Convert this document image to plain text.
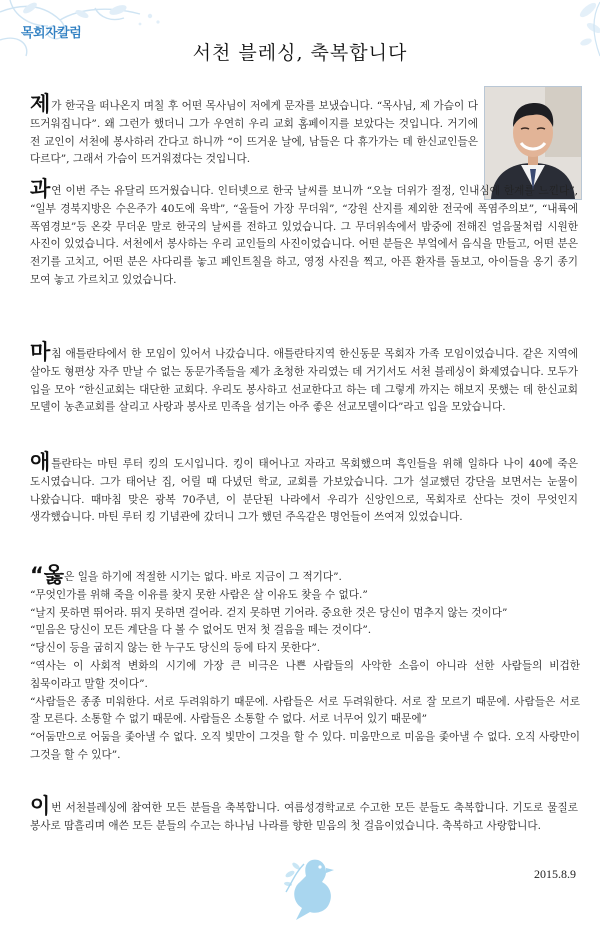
목회자칼럼
서천 블레싱, 축복합니다

제가 한국을 떠나온지 며칠 후 어떤 목사님이 저에게 문자를 보냈습니다. “목사님, 제 가슴이 다 뜨거워집니다”. 왜 그런가 했더니 그가 우연히 우리 교회 홈페이지를 보았다는 것입니다. 거기에 전 교인이 서천에 봉사하러 간다고 하니까 “이 뜨거운 날에, 남들은 다 휴가가는 데 한신교인들은 다르다”, 그래서 가슴이 뜨거워졌다는 것입니다.

과연 이번 주는 유달리 뜨거웠습니다. 인터넷으로 한국 날씨를 보니까 “오늘 더위가 절정, 인내심에 한계를 느낀다”, “일부 경북지방은 수은주가 40도에 육박”, “올들어 가장 무더워”, “강원 산지를 제외한 전국에 폭염주의보”, “내륙에 폭염경보”등 온갖 무더운 말로 한국의 날씨를 전하고 있었습니다. 그 무더위속에서 밤중에 전해진 얼음물처럼 시원한 사진이 있었습니다. 서천에서 봉사하는 우리 교인들의 사진이었습니다. 어떤 분들은 부엌에서 음식을 만들고, 어떤 분은 전기를 고치고, 어떤 분은 사다리를 놓고 페인트칠을 하고, 영정 사진을 찍고, 아픈 환자를 돌보고, 아이들을 옹기 종기 모여 놓고 가르치고 있었습니다.

마침 애틀란타에서 한 모임이 있어서 나갔습니다. 애틀란타지역 한신동문 목회자 가족 모임이었습니다. 같은 지역에 살아도 형편상 자주 만날 수 없는 동문가족들을 제가 초청한 자리였는 데 거기서도 서천 블레싱이 화제였습니다. 모두가 입을 모아 “한신교회는 대단한 교회다. 우리도 봉사하고 선교한다고 하는 데 그렇게 까지는 해보지 못했는 데 한신교회 모델이 농촌교회를 살리고 사랑과 봉사로 민족을 섬기는 아주 좋은 선교모델이다”라고 입을 모았습니다.

애틀란타는 마틴 루터 킹의 도시입니다. 킹이 태어나고 자라고 목회했으며 흑인들을 위해 일하다 나이 40에 죽은 도시였습니다. 그가 태어난 집, 어릴 때 다녔던 학교, 교회를 가보았습니다. 그가 설교했던 강단을 보면서는 눈물이 나왔습니다. 때마침 맞은 광복 70주년, 이 분단된 나라에서 우리가 신앙인으로, 목회자로 산다는 것이 무엇인지 생각했습니다. 마틴 루터 킹 기념관에 갔더니 그가 했던 주옥같은 명언들이 쓰여져 있었습니다.

“옳은 일을 하기에 적절한 시기는 없다. 바로 지금이 그 적기다”.
“무엇인가를 위해 죽을 이유를 찾지 못한 사람은 살 이유도 찾을 수 없다.”
“날지 못하면 뛰어라. 뛰지 못하면 걸어라. 걷지 못하면 기어라. 중요한 것은 당신이 멈추지 않는 것이다”
“믿음은 당신이 모든 계단을 다 볼 수 없어도 먼저 첫 걸음을 떼는 것이다”.
“당신이 등을 굽히지 않는 한 누구도 당신의 등에 타지 못한다”.
“역사는 이 사회적 변화의 시기에 가장 큰 비극은 나쁜 사람들의 사악한 소음이 아니라 선한 사람들의 비겁한 침묵이라고 말할 것이다”.
“사람들은 종종 미워한다. 서로 두려워하기 때문에. 사람들은 서로 두려워한다. 서로 잘 모르기 때문에. 사람들은 서로 잘 모른다. 소통할 수 없기 때문에. 사람들은 소통할 수 없다. 서로 너무어 있기 때문에”
“어둠만으로 어둠을 좇아낼 수 없다. 오직 빛만이 그것을 할 수 있다. 미움만으로 미움을 좇아낼 수 없다. 오직 사랑만이 그것을 할 수 있다”.

이번 서천블레싱에 참여한 모든 분들을 축복합니다. 여름성경학교로 수고한 모든 분들도 축복합니다. 기도로 물질로 봉사로 땀흘리며 애쓴 모든 분들의 수고는 하나님 나라를 향한 믿음의 첫 걸음이었습니다. 축복하고 사랑합니다.

2015.8.9
